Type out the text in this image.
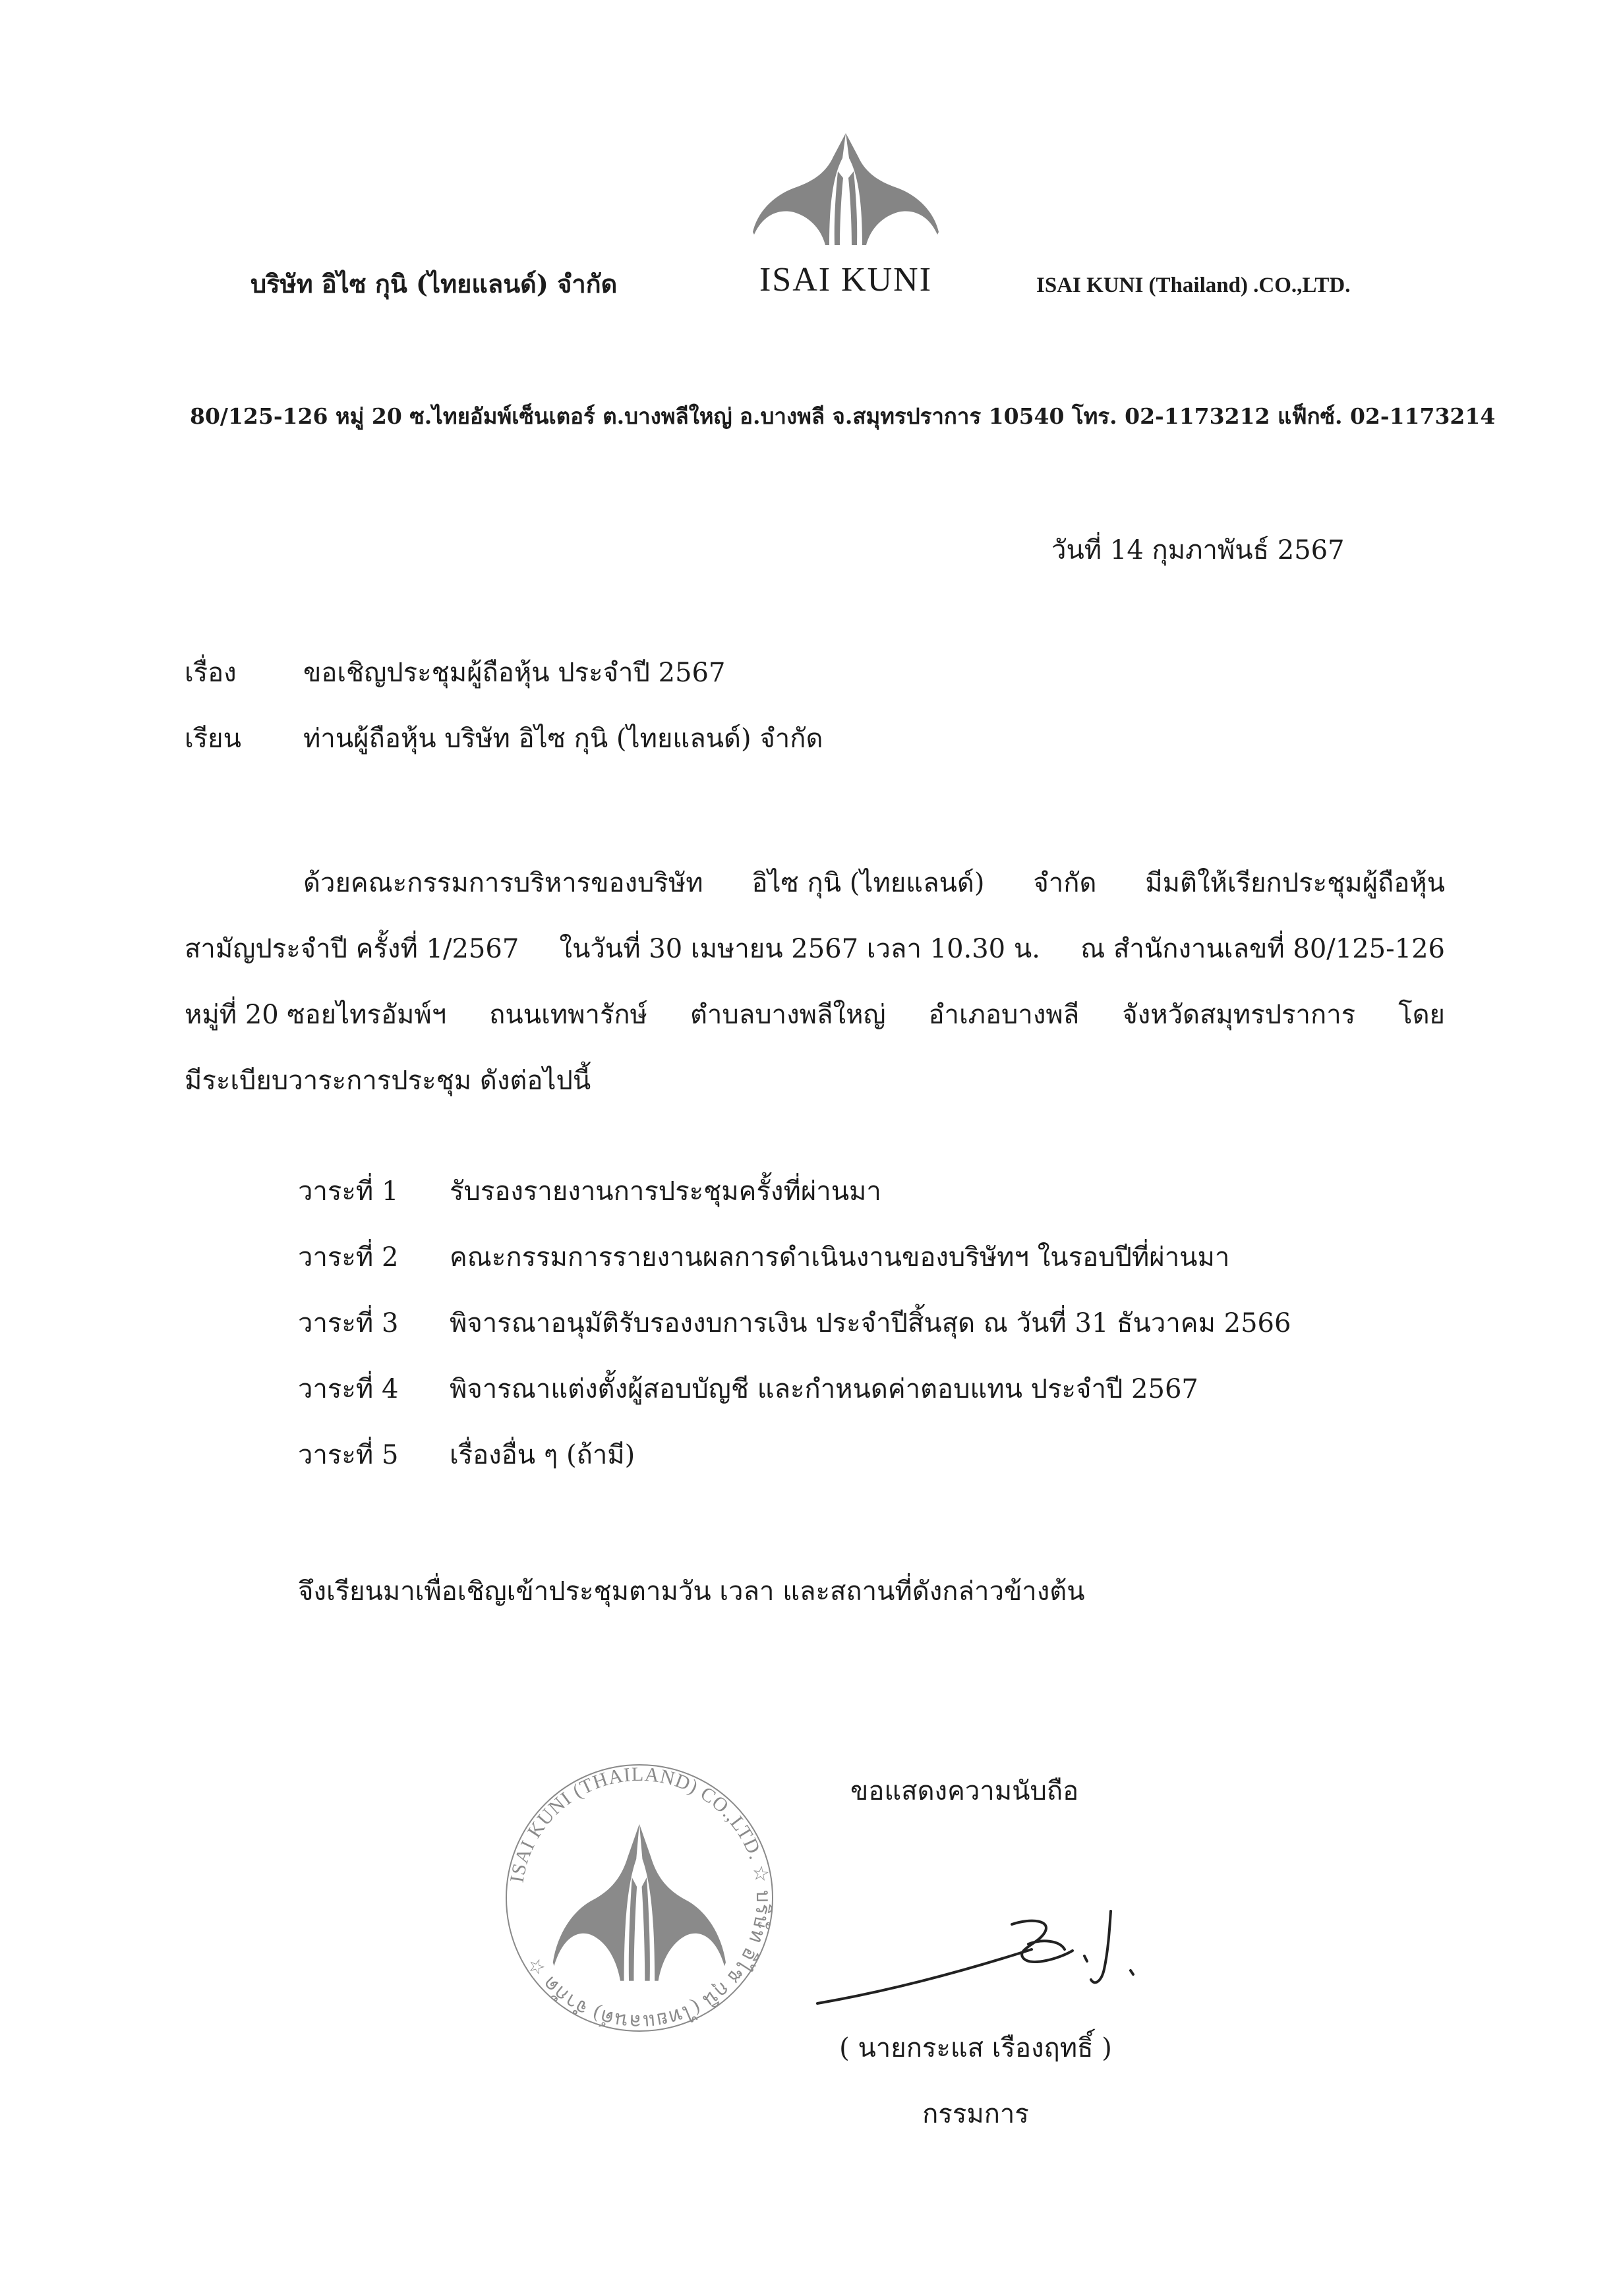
บริษัท อิไซ กุนิ (ไทยแลนด์) จำกัด	ISAI KUNI	ISAI KUNI (Thailand) .CO.,LTD.
80/125-126 หมู่ 20 ซ.ไทยอัมพ์เซ็นเตอร์ ต.บางพลีใหญ่ อ.บางพลี จ.สมุทรปราการ 10540 โทร. 02-1173212 แฟ็กซ์. 02-1173214
วันที่ 14 กุมภาพันธ์ 2567
เรื่อง	ขอเชิญประชุมผู้ถือหุ้น ประจำปี 2567
เรียน ท่านผู้ถือหุ้น บริษัท อิไซ กุนิ (ไทยแลนด์) จำกัด
ด้วยคณะกรรมการบริหารของบริษัท อิไซ กุนิ (ไทยแลนด์) จำกัด มีมติให้เรียกประชุมผู้ถือหุ้น
สามัญประจำปี ครั้งที่ 1/2567 ในวันที่ 30 เมษายน 2567 เวลา 10.30 น. ณ สำนักงานเลขที่ 80/125-126
หมู่ที่ 20 ซอยไทรอัมพ์ฯ ถนนเทพารักษ์ ตำบลบางพลีใหญ่ อำเภอบางพลี จังหวัดสมุทรปราการ โดย
มีระเบียบวาระการประชุม ดังต่อไปนี้
วาระที่ 1	รับรองรายงานการประชุมครั้งที่ผ่านมา
วาระที่ 2	คณะกรรมการรายงานผลการดำเนินงานของบริษัทฯ ในรอบปีที่ผ่านมา
วาระที่ 3	พิจารณาอนุมัติรับรองงบการเงิน ประจำปีสิ้นสุด ณ วันที่ 31 ธันวาคม 2566
วาระที่ 4	พิจารณาแต่งตั้งผู้สอบบัญชี และกำหนดค่าตอบแทน ประจำปี 2567
วาระที่ 5	เรื่องอื่น ๆ (ถ้ามี)
จึงเรียนมาเพื่อเชิญเข้าประชุมตามวัน เวลา และสถานที่ดังกล่าวข้างต้น
ISAI KUNI (THAILAND) CO.,LTD. ☆ บริษัท อิไซ กุนิ (ไทยแลนด์) จำกัด ☆
ขอแสดงความนับถือ
( นายกระแส เรืองฤทธิ์ )
กรรมการ
